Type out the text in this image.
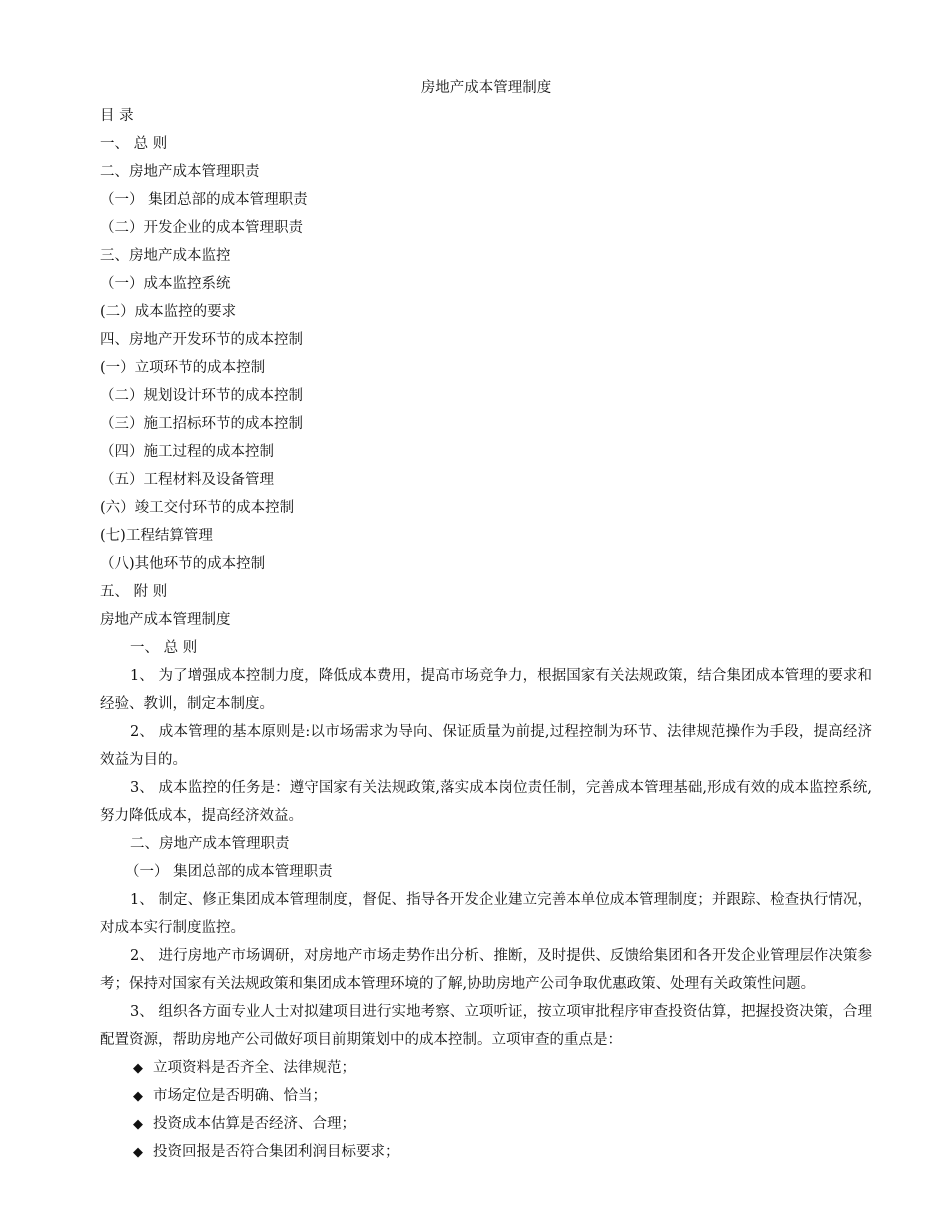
房地产成本管理制度
目 录
一、 总 则
二、房地产成本管理职责
（一） 集团总部的成本管理职责
（二）开发企业的成本管理职责
三、房地产成本监控
（一）成本监控系统
(二）成本监控的要求
四、房地产开发环节的成本控制
(一）立项环节的成本控制
（二）规划设计环节的成本控制
（三）施工招标环节的成本控制
（四）施工过程的成本控制
（五）工程材料及设备管理
(六）竣工交付环节的成本控制
(七)工程结算管理
（八)其他环节的成本控制
五、 附 则
房地产成本管理制度
一、 总 则

1、 为了增强成本控制力度，降低成本费用，提高市场竞争力，根据国家有关法规政策，结合集团成本管理的要求和经验、教训，制定本制度。

2、 成本管理的基本原则是:以市场需求为导向、保证质量为前提,过程控制为环节、法律规范操作为手段，提高经济效益为目的。

3、 成本监控的任务是：遵守国家有关法规政策,落实成本岗位责任制，完善成本管理基础,形成有效的成本监控系统,努力降低成本，提高经济效益。

二、房地产成本管理职责
（一） 集团总部的成本管理职责

1、 制定、修正集团成本管理制度，督促、指导各开发企业建立完善本单位成本管理制度；并跟踪、检查执行情况，对成本实行制度监控。

2、 进行房地产市场调研，对房地产市场走势作出分析、推断，及时提供、反馈给集团和各开发企业管理层作决策参考；保持对国家有关法规政策和集团成本管理环境的了解,协助房地产公司争取优惠政策、处理有关政策性问题。

3、 组织各方面专业人士对拟建项目进行实地考察、立项听证，按立项审批程序审查投资估算，把握投资决策，合理配置资源，帮助房地产公司做好项目前期策划中的成本控制。立项审查的重点是：

◆ 立项资料是否齐全、法律规范；
◆ 市场定位是否明确、恰当；
◆ 投资成本估算是否经济、合理；
◆ 投资回报是否符合集团利润目标要求；
